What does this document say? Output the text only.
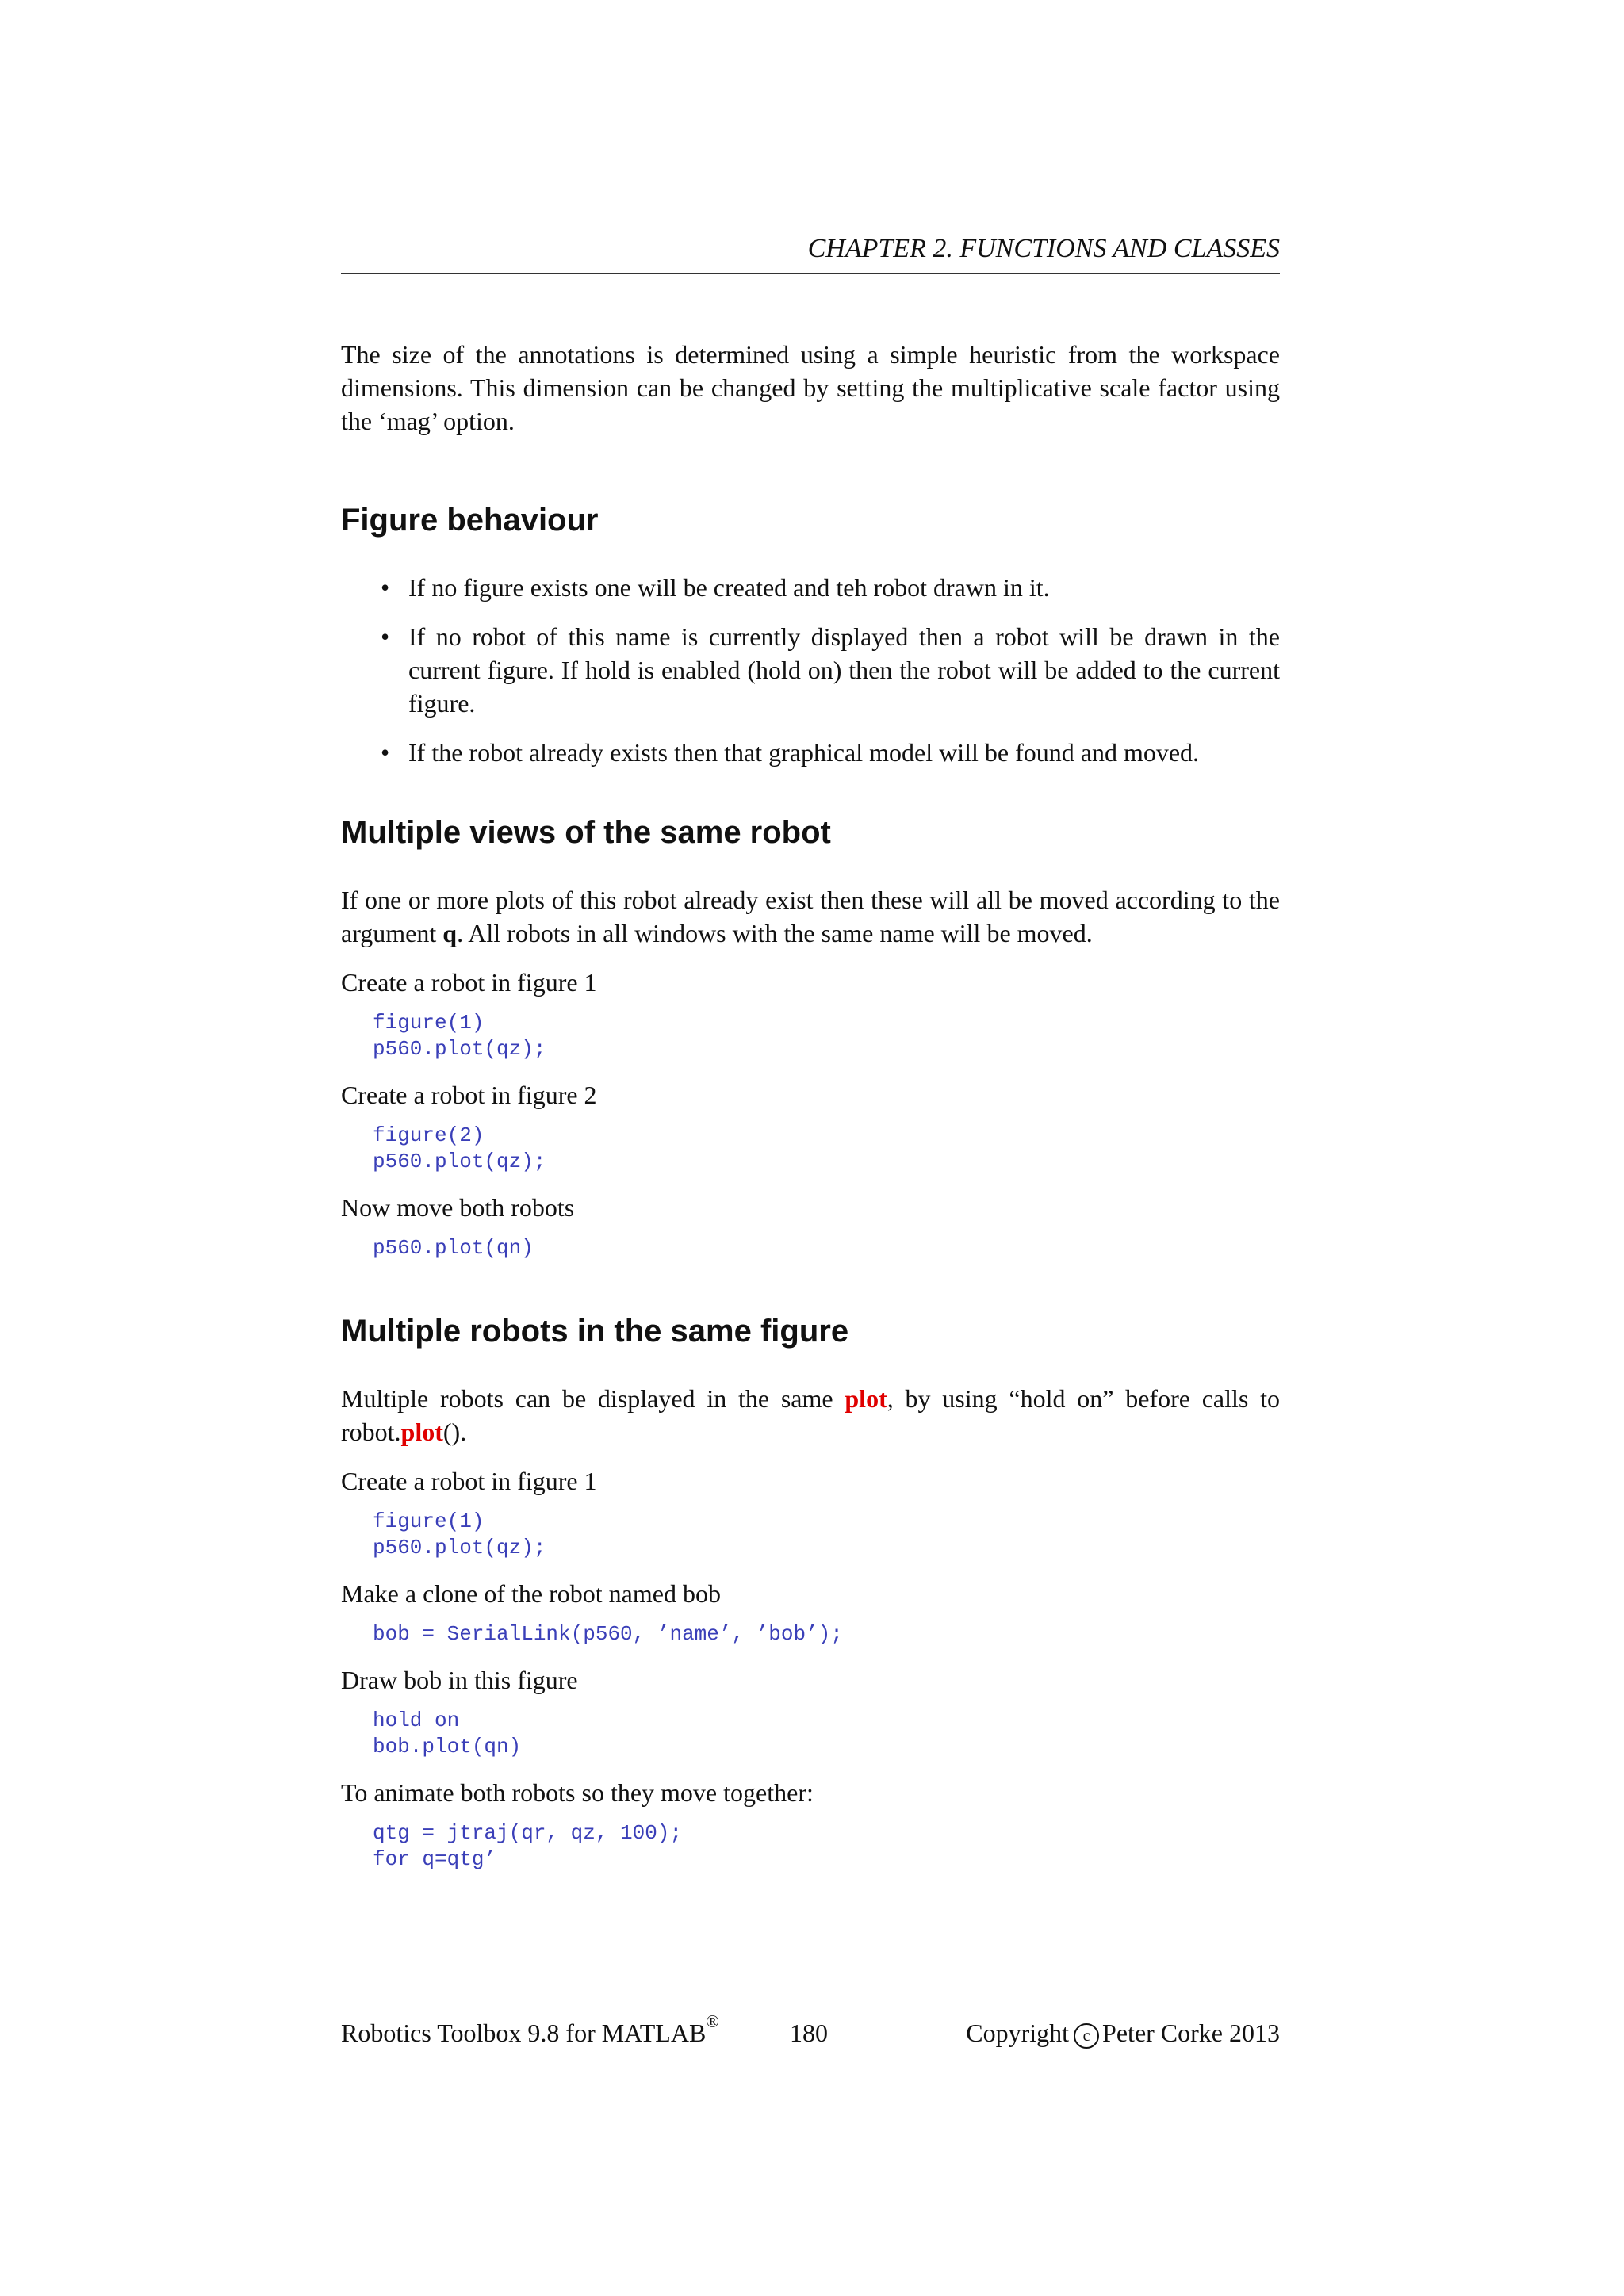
CHAPTER 2. FUNCTIONS AND CLASSES

The size of the annotations is determined using a simple heuristic from the workspace dimensions. This dimension can be changed by setting the multiplicative scale factor using the ‘mag’ option.

Figure behaviour
• If no figure exists one will be created and teh robot drawn in it.
• If no robot of this name is currently displayed then a robot will be drawn in the current figure. If hold is enabled (hold on) then the robot will be added to the current figure.
• If the robot already exists then that graphical model will be found and moved.
Multiple views of the same robot

If one or more plots of this robot already exist then these will all be moved according to the argument q. All robots in all windows with the same name will be moved.

Create a robot in figure 1

figure(1)
p560.plot(qz);

Create a robot in figure 2

figure(2)
p560.plot(qz);

Now move both robots

p560.plot(qn)
Multiple robots in the same figure

Multiple robots can be displayed in the same plot, by using “hold on” before calls to robot.plot().

Create a robot in figure 1

figure(1)
p560.plot(qz);

Make a clone of the robot named bob

bob = SerialLink(p560, ’name’, ’bob’);

Draw bob in this figure

hold on
bob.plot(qn)

To animate both robots so they move together:

qtg = jtraj(qr, qz, 100);
for q=qtg’
Robotics Toolbox 9.8 for MATLAB®	180	Copyright c Peter Corke 2013
